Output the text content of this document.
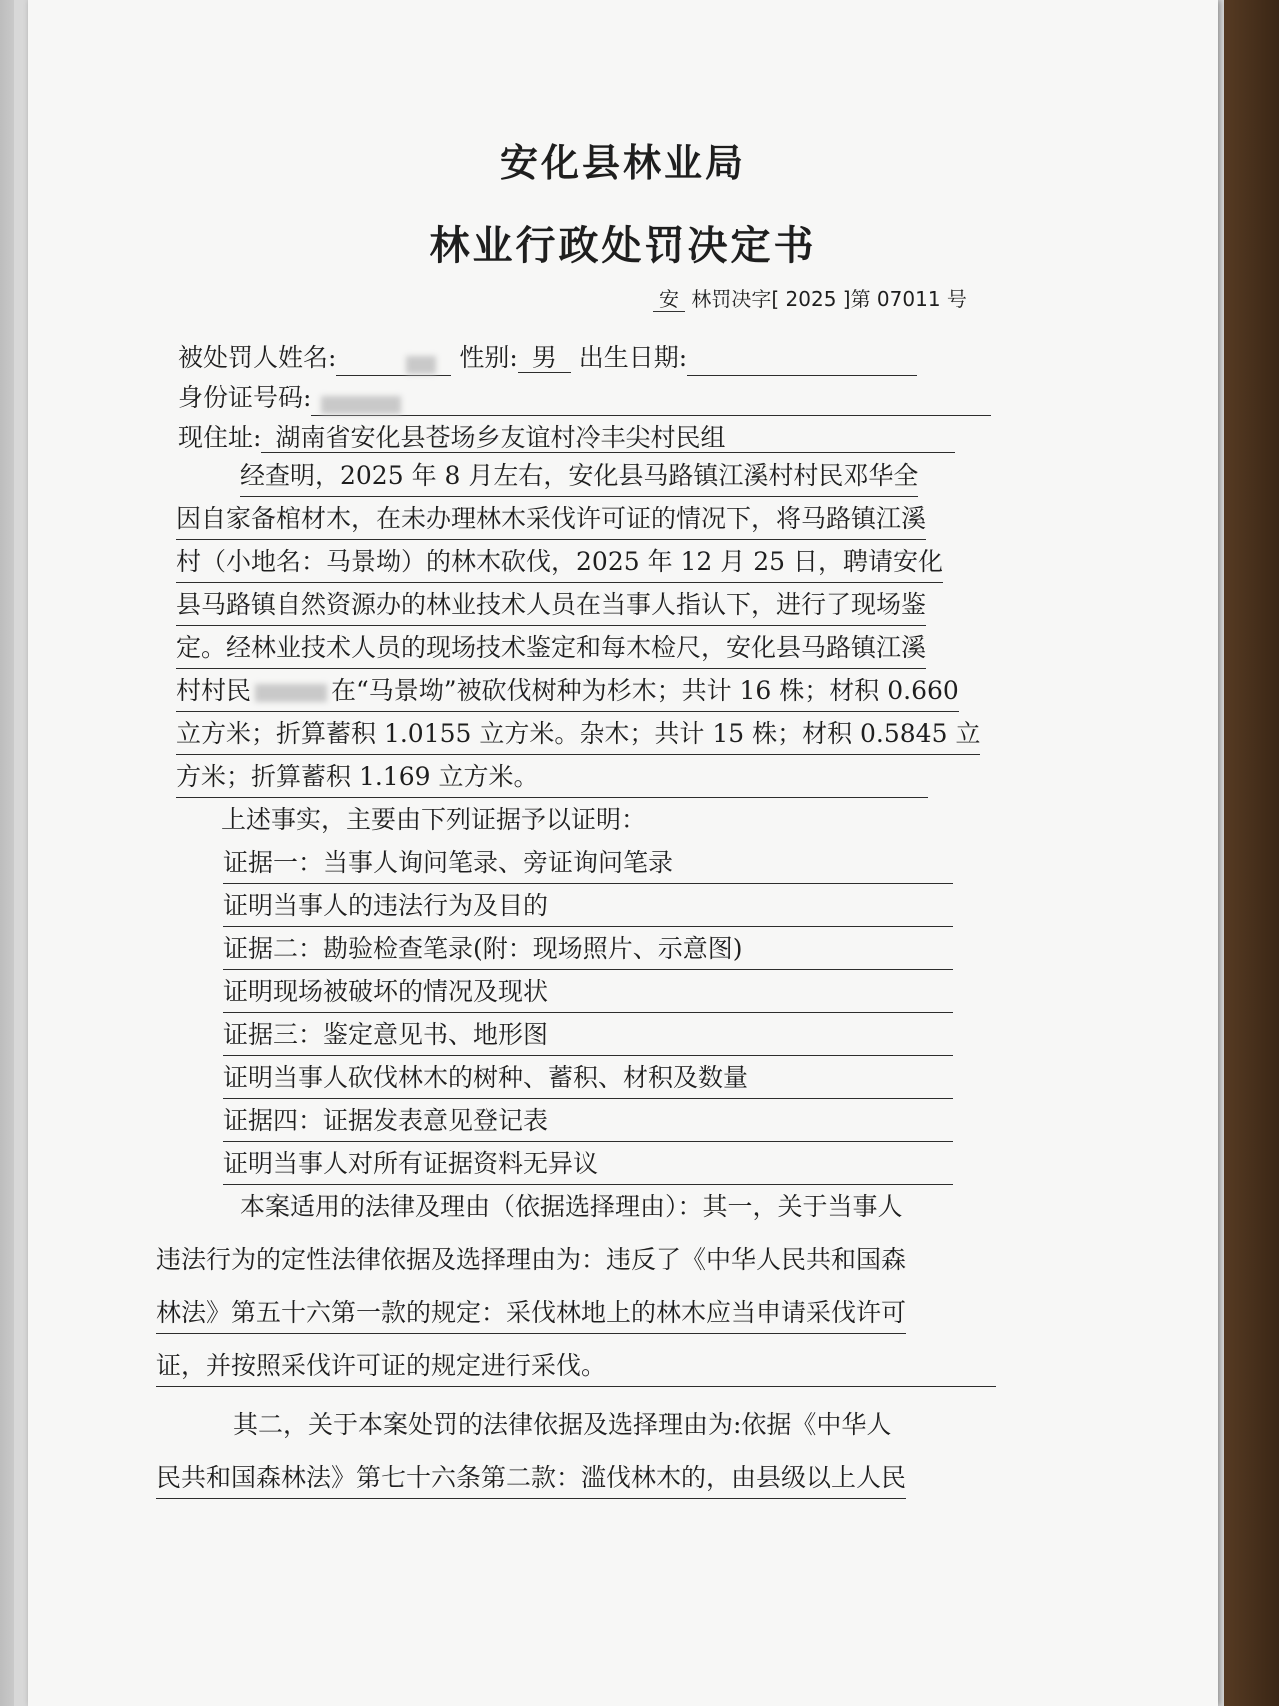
安化县林业局
林业行政处罚决定书
安 林罚决字[ 2025 ]第 07011 号
被处罚人姓名:	性别: 男 出生日期:
身份证号码:
现住址: 湖南省安化县苍场乡友谊村冷丰尖村民组
经查明，2025 年 8 月左右，安化县马路镇江溪村村民邓华全
因自家备棺材木，在未办理林木采伐许可证的情况下，将马路镇江溪
村（小地名：马景坳）的林木砍伐，2025 年 12 月 25 日，聘请安化
县马路镇自然资源办的林业技术人员在当事人指认下，进行了现场鉴
定。经林业技术人员的现场技术鉴定和每木检尺，安化县马路镇江溪
村村民	在“马景坳”被砍伐树种为杉木；共计 16 株；材积 0.660
立方米；折算蓄积 1.0155 立方米。杂木；共计 15 株；材积 0.5845 立
方米；折算蓄积 1.169 立方米。
上述事实，主要由下列证据予以证明：
证据一：当事人询问笔录、旁证询问笔录
证明当事人的违法行为及目的
证据二：勘验检查笔录(附：现场照片、示意图)
证明现场被破坏的情况及现状
证据三：鉴定意见书、地形图
证明当事人砍伐林木的树种、蓄积、材积及数量
证据四：证据发表意见登记表
证明当事人对所有证据资料无异议
本案适用的法律及理由（依据选择理由）：其一，关于当事人
违法行为的定性法律依据及选择理由为：违反了《中华人民共和国森
林法》第五十六第一款的规定：采伐林地上的林木应当申请采伐许可
证，并按照采伐许可证的规定进行采伐。
其二，关于本案处罚的法律依据及选择理由为:依据《中华人
民共和国森林法》第七十六条第二款：滥伐林木的，由县级以上人民
